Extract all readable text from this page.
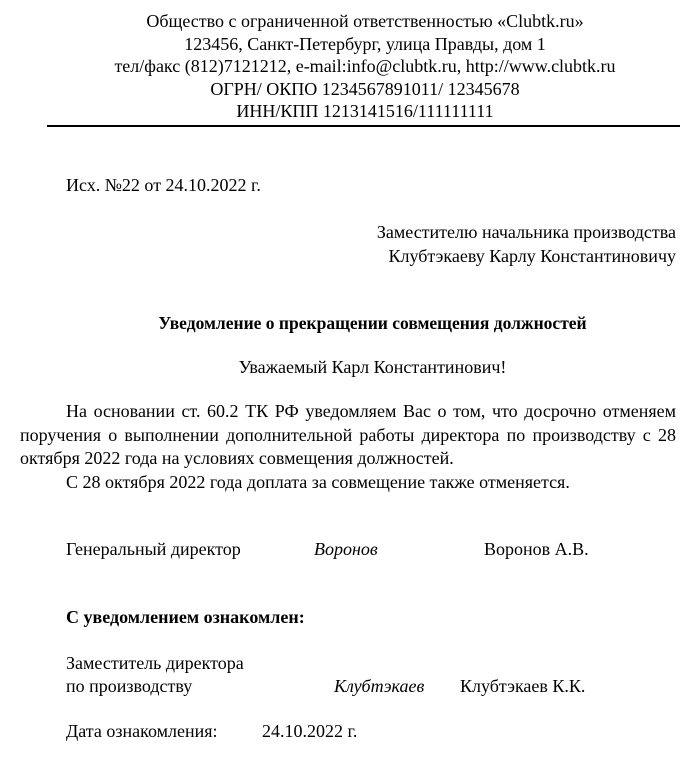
Общество с ограниченной ответственностью «Clubtk.ru»
123456, Санкт-Петербург, улица Правды, дом 1
тел/факс (812)7121212, e-mail:info@clubtk.ru, http://www.clubtk.ru
ОГРН/ ОКПО 1234567891011/ 12345678
ИНН/КПП 1213141516/111111111
Исх. №22 от 24.10.2022 г.
Заместителю начальника производства
Клубтэкаеву Карлу Константиновичу
Уведомление о прекращении совмещения должностей
Уважаемый Карл Константинович!

На основании ст. 60.2 ТК РФ уведомляем Вас о том, что досрочно отменяем поручения о выполнении дополнительной работы директора по производству с 28 октября 2022 года на условиях совмещения должностей.

С 28 октября 2022 года доплата за совмещение также отменяется.

Генеральный директор	Воронов	Воронов А.В.
С уведомлением ознакомлен:
Заместитель директора
по производству	Клубтэкаев Клубтэкаев К.К.
Дата ознакомления: 24.10.2022 г.
